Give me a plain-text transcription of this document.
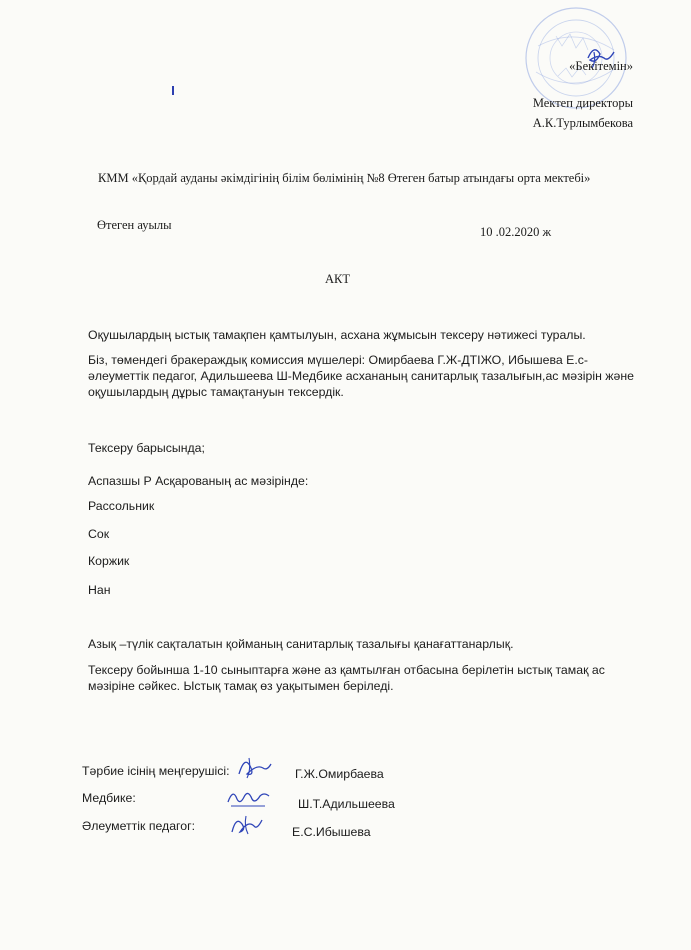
«Бекітемін»
Мектеп директоры
А.К.Турлымбекова
КММ «Қордай ауданы әкімдігінің білім бөлімінің №8 Өтеген батыр атындағы орта мектебі»
Өтеген ауылы	10 .02.2020 ж
АКТ
Оқушылардың ыстық тамақпен қамтылуын, асхана жұмысын тексеру нәтижесі туралы.
Біз, төмендегі бракераждық комиссия мүшелері: Омирбаева Г.Ж-ДТІЖО, Ибышева Е.с-әлеуметтік педагог, Адильшеева Ш-Медбике асхананың санитарлық тазалығын,ас мәзірін және оқушылардың дұрыс тамақтануын тексердік.
Тексеру барысында;
Аспазшы Р Асқарованың ас мәзірінде:
Рассольник
Сок
Коржик
Нан
Азық –түлік сақталатын қойманың санитарлық тазалығы қанағаттанарлық.
Тексеру бойынша 1-10 сыныптарға және аз қамтылған отбасына берілетін ыстық тамақ ас мәзіріне сәйкес. Ыстық тамақ өз уақытымен беріледі.
Тәрбие ісінің меңгерушісі:	Г.Ж.Омирбаева
Медбике:	Ш.Т.Адильшеева
Әлеуметтік педагог:	Е.С.Ибышева
